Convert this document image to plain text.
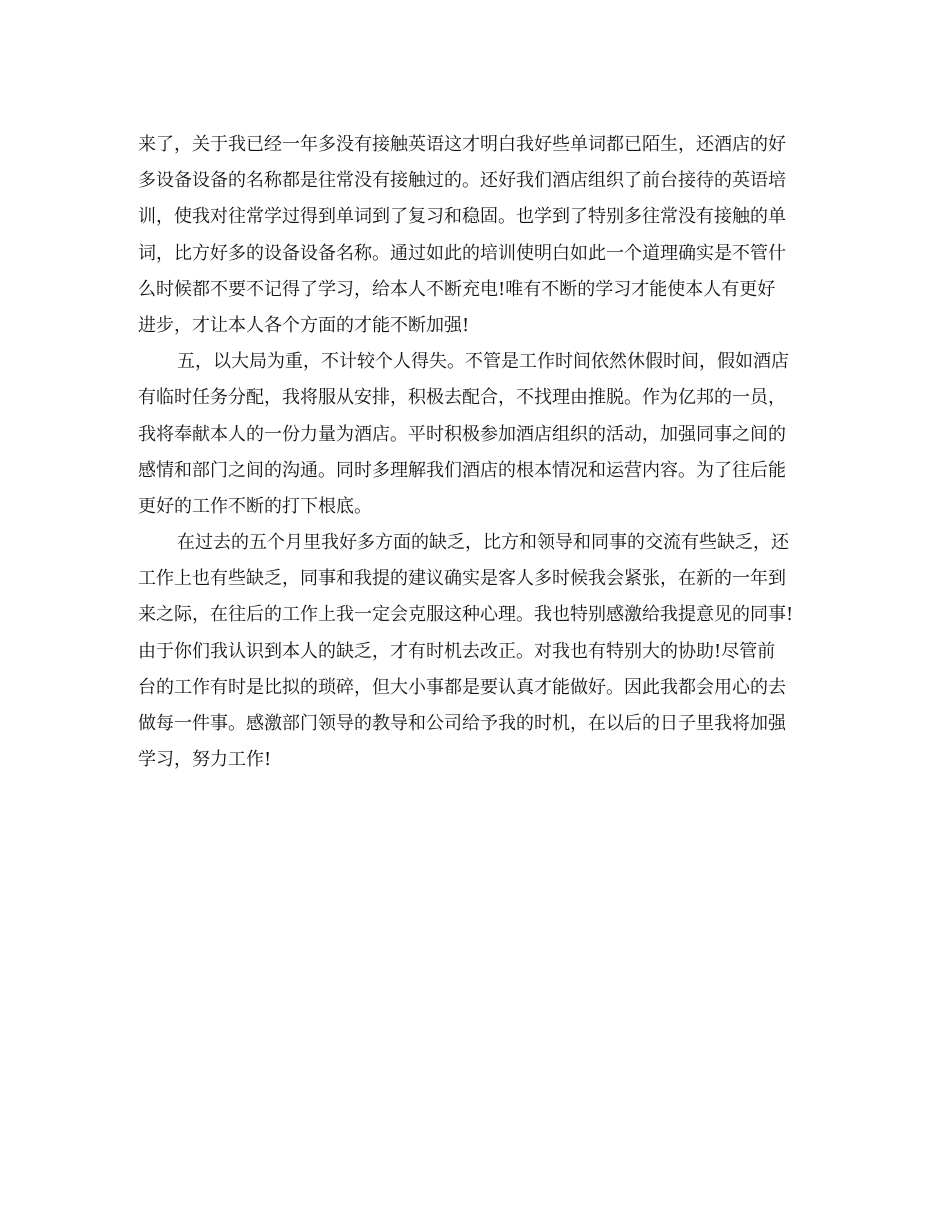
来了，关于我已经一年多没有接触英语这才明白我好些单词都已陌生，还酒店的好
多设备设备的名称都是往常没有接触过的。还好我们酒店组织了前台接待的英语培
训，使我对往常学过得到单词到了复习和稳固。也学到了特别多往常没有接触的单
词，比方好多的设备设备名称。通过如此的培训使明白如此一个道理确实是不管什
么时候都不要不记得了学习，给本人不断充电!唯有不断的学习才能使本人有更好
进步，才让本人各个方面的才能不断加强!
五，以大局为重，不计较个人得失。不管是工作时间依然休假时间，假如酒店
有临时任务分配，我将服从安排，积极去配合，不找理由推脱。作为亿邦的一员，
我将奉献本人的一份力量为酒店。平时积极参加酒店组织的活动，加强同事之间的
感情和部门之间的沟通。同时多理解我们酒店的根本情况和运营内容。为了往后能
更好的工作不断的打下根底。
在过去的五个月里我好多方面的缺乏，比方和领导和同事的交流有些缺乏，还
工作上也有些缺乏，同事和我提的建议确实是客人多时候我会紧张，在新的一年到
来之际，在往后的工作上我一定会克服这种心理。我也特别感激给我提意见的同事!
由于你们我认识到本人的缺乏，才有时机去改正。对我也有特别大的协助!尽管前
台的工作有时是比拟的琐碎，但大小事都是要认真才能做好。因此我都会用心的去
做每一件事。感激部门领导的教导和公司给予我的时机，在以后的日子里我将加强
学习，努力工作!
